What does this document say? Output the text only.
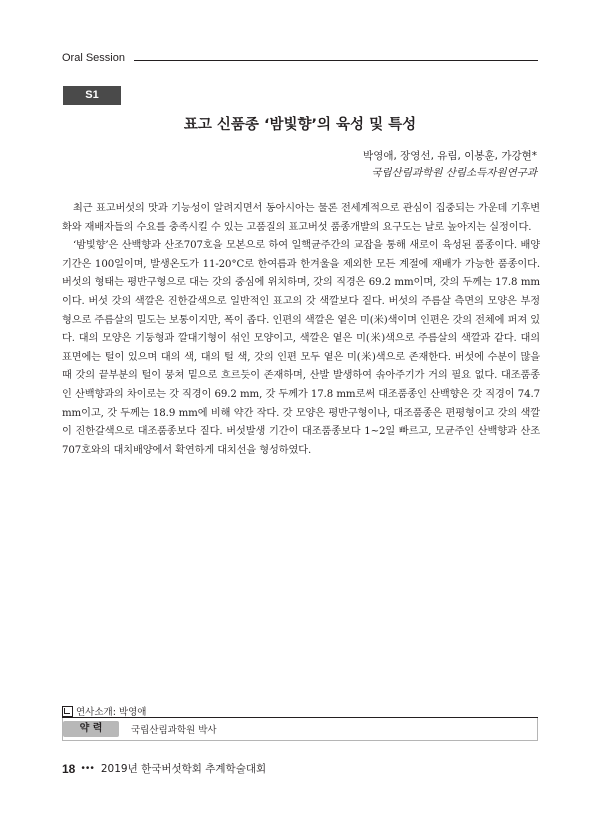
Oral Session
S1
표고 신품종 ‘밤빛향’의 육성 및 특성
박영애, 장영선, 유림, 이봉훈, 가강현*
국립산림과학원 산림소득자원연구과

최근 표고버섯의 맛과 기능성이 알려지면서 동아시아는 물론 전세계적으로 관심이 집중되는 가운데 기후변화와 재배자들의 수요를 충족시킬 수 있는 고품질의 표고버섯 품종개발의 요구도는 날로 높아지는 실정이다.

‘밤빛향’은 산백향과 산조707호을 모본으로 하여 일핵균주간의 교잡을 통해 새로이 육성된 품종이다. 배양기간은 100일이며, 발생온도가 11-20°C로 한여름과 한겨울을 제외한 모든 계절에 재배가 가능한 품종이다. 버섯의 형태는 평반구형으로 대는 갓의 중심에 위치하며, 갓의 직경은 69.2 mm이며, 갓의 두께는 17.8 mm이다. 버섯 갓의 색깔은 진한갈색으로 일반적인 표고의 갓 색깔보다 짙다. 버섯의 주름살 측면의 모양은 부정형으로 주름살의 밀도는 보통이지만, 폭이 좁다. 인편의 색깔은 옅은 미(米)색이며 인편은 갓의 전체에 퍼져 있다. 대의 모양은 기둥형과 깔대기형이 섞인 모양이고, 색깔은 옅은 미(米)색으로 주름살의 색깔과 같다. 대의 표면에는 털이 있으며 대의 색, 대의 털 색, 갓의 인편 모두 옅은 미(米)색으로 존재한다. 버섯에 수분이 많을 때 갓의 끝부분의 털이 뭉쳐 밑으로 흐르듯이 존재하며, 산발 발생하여 솎아주기가 거의 필요 없다. 대조품종인 산백향과의 차이로는 갓 직경이 69.2 mm, 갓 두께가 17.8 mm로써 대조품종인 산백향은 갓 직경이 74.7 mm이고, 갓 두께는 18.9 mm에 비해 약간 작다. 갓 모양은 평반구형이나, 대조품종은 편평형이고 갓의 색깔이 진한갈색으로 대조품종보다 짙다. 버섯발생 기간이 대조품종보다 1~2일 빠르고, 모균주인 산백향과 산조 707호와의 대치배양에서 확연하게 대치선을 형성하였다.

연사소개: 박영애
약 력	국립산림과학원 박사
18 ••• 2019년 한국버섯학회 추계학술대회
